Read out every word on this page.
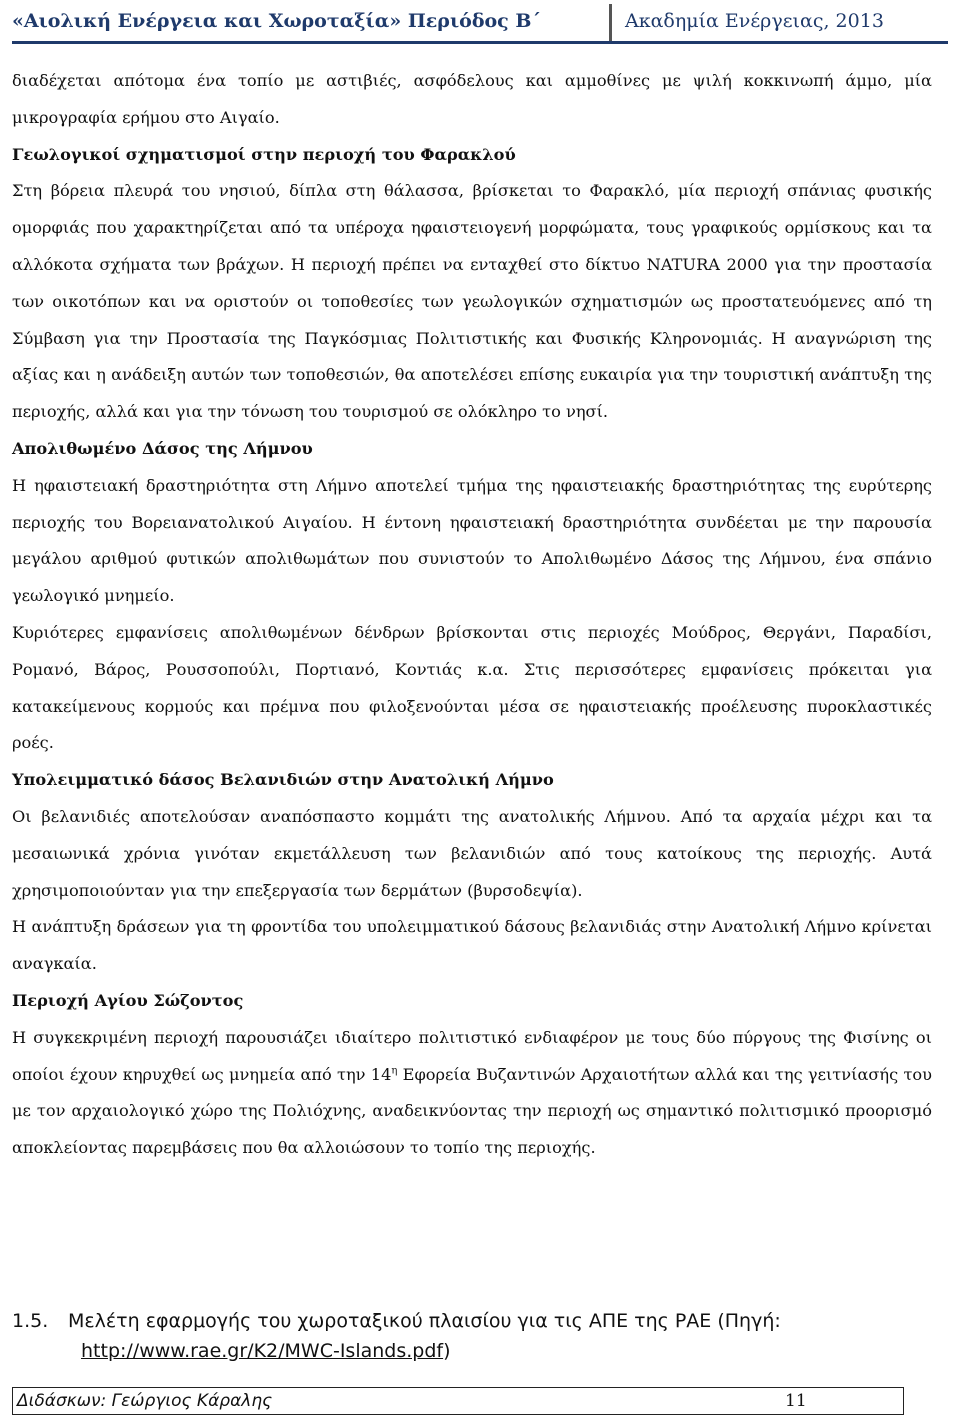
«Αιολική Ενέργεια και Χωροταξία» Περιόδος Β΄	Ακαδημία Ενέργειας, 2013

διαδέχεται απότομα ένα τοπίο με αστιβιές, ασφόδελους και αμμοθίνες με ψιλή κοκκινωπή άμμο, μία μικρογραφία ερήμου στο Αιγαίο.

Γεωλογικοί σχηματισμοί στην περιοχή του Φαρακλού

Στη βόρεια πλευρά του νησιού, δίπλα στη θάλασσα, βρίσκεται το Φαρακλό, μία περιοχή σπάνιας φυσικής ομορφιάς που χαρακτηρίζεται από τα υπέροχα ηφαιστειογενή μορφώματα, τους γραφικούς ορμίσκους και τα αλλόκοτα σχήματα των βράχων. Η περιοχή πρέπει να ενταχθεί στο δίκτυο NATURA 2000 για την προστασία των οικοτόπων και να οριστούν οι τοποθεσίες των γεωλογικών σχηματισμών ως προστατευόμενες από τη Σύμβαση για την Προστασία της Παγκόσμιας Πολιτιστικής και Φυσικής Κληρονομιάς. Η αναγνώριση της αξίας και η ανάδειξη αυτών των τοποθεσιών, θα αποτελέσει επίσης ευκαιρία για την τουριστική ανάπτυξη της περιοχής, αλλά και για την τόνωση του τουρισμού σε ολόκληρο το νησί.

Απολιθωμένο Δάσος της Λήμνου

Η ηφαιστειακή δραστηριότητα στη Λήμνο αποτελεί τμήμα της ηφαιστειακής δραστηριότητας της ευρύτερης περιοχής του Βορειανατολικού Αιγαίου. Η έντονη ηφαιστειακή δραστηριότητα συνδέεται με την παρουσία μεγάλου αριθμού φυτικών απολιθωμάτων που συνιστούν το Απολιθωμένο Δάσος της Λήμνου, ένα σπάνιο γεωλογικό μνημείο.

Κυριότερες εμφανίσεις απολιθωμένων δένδρων βρίσκονται στις περιοχές Μούδρος, Θεργάνι, Παραδίσι, Ρομανό, Βάρος, Ρουσσοπούλι, Πορτιανό, Κοντιάς κ.α. Στις περισσότερες εμφανίσεις πρόκειται για κατακείμενους κορμούς και πρέμνα που φιλοξενούνται μέσα σε ηφαιστειακής προέλευσης πυροκλαστικές ροές.

Υπολειμματικό δάσος Βελανιδιών στην Ανατολική Λήμνο

Οι βελανιδιές αποτελούσαν αναπόσπαστο κομμάτι της ανατολικής Λήμνου. Από τα αρχαία μέχρι και τα μεσαιωνικά χρόνια γινόταν εκμετάλλευση των βελανιδιών από τους κατοίκους της περιοχής. Αυτά χρησιμοποιούνταν για την επεξεργασία των δερμάτων (βυρσοδεψία).

Η ανάπτυξη δράσεων για τη φροντίδα του υπολειμματικού δάσους βελανιδιάς στην Ανατολική Λήμνο κρίνεται αναγκαία.

Περιοχή Αγίου Σώζοντος

Η συγκεκριμένη περιοχή παρουσιάζει ιδιαίτερο πολιτιστικό ενδιαφέρον με τους δύο πύργους της Φισίνης οι οποίοι έχουν κηρυχθεί ως μνημεία από την $14^\eta$ Εφορεία Βυζαντινών Αρχαιοτήτων αλλά και της γειτνίασής του με τον αρχαιολογικό χώρο της Πολιόχνης, αναδεικνύοντας την περιοχή ως σημαντικό πολιτισμικό προορισμό αποκλείοντας παρεμβάσεις που θα αλλοιώσουν το τοπίο της περιοχής.

1.5. Μελέτη εφαρμογής του χωροταξικού πλαισίου για τις ΑΠΕ της ΡΑΕ (Πηγή:
http://www.rae.gr/K2/MWC-Islands.pdf)
Διδάσκων: Γεώργιος Κάραλης	11
